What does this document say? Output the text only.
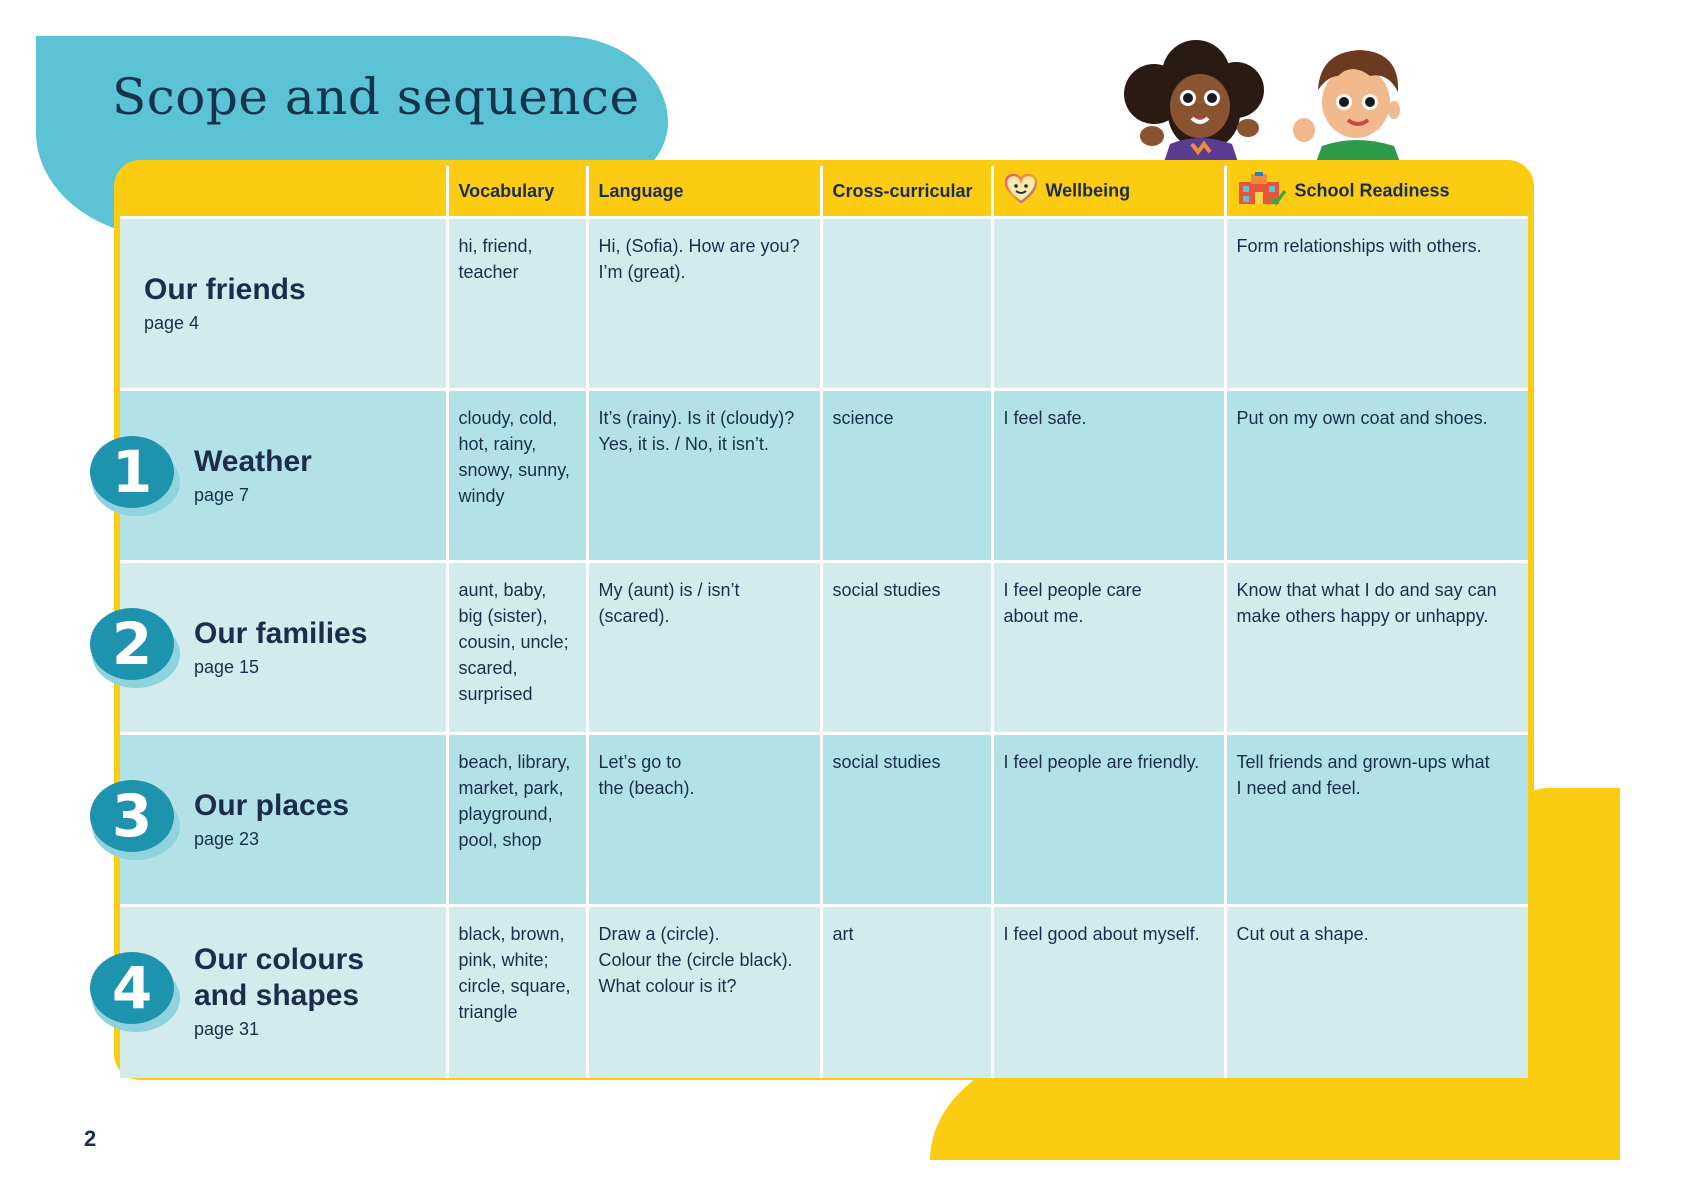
Scope and sequence
	Vocabulary	Language	Cross-curricular	Wellbeing	School Readiness

Our friends
page 4	hi, friend,
teacher	Hi, (Sofia). How are you?
I’m (great).			Form relationships with others.

1 Weather
page 7	cloudy, cold,
hot, rainy,
snowy, sunny,
windy	It’s (rainy). Is it (cloudy)?
Yes, it is. / No, it isn’t.	science	I feel safe.	Put on my own coat and shoes.

2 Our families
page 15	aunt, baby,
big (sister),
cousin, uncle;
scared,
surprised	My (aunt) is / isn’t
(scared).	social studies	I feel people care
about me.	Know that what I do and say can
make others happy or unhappy.

3 Our places
page 23	beach, library,
market, park,
playground,
pool, shop	Let’s go to
the (beach).	social studies	I feel people are friendly.	Tell friends and grown-ups what
I need and feel.

4 Our colours
and shapes
page 31	black, brown,
pink, white;
circle, square,
triangle	Draw a (circle).
Colour the (circle black).
What colour is it?	art	I feel good about myself.	Cut out a shape.
2
